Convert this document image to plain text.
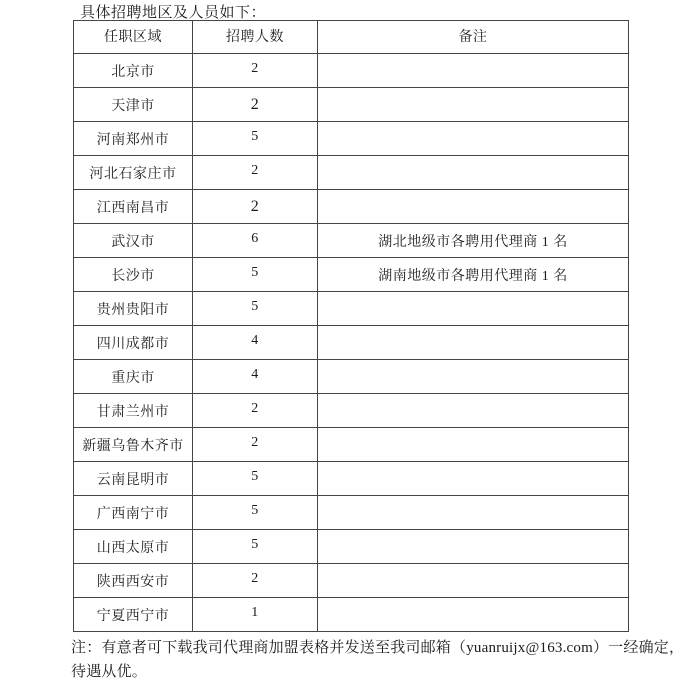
具体招聘地区及人员如下：
任职区域	招聘人数	备注
北京市	2	
天津市	2	
河南郑州市	5	
河北石家庄市	2	
江西南昌市	2	
武汉市	6	湖北地级市各聘用代理商 1 名
长沙市	5	湖南地级市各聘用代理商 1 名
贵州贵阳市	5	
四川成都市	4	
重庆市	4	
甘肃兰州市	2	
新疆乌鲁木齐市	2	
云南昆明市	5	
广西南宁市	5	
山西太原市	5	
陕西西安市	2	
宁夏西宁市	1	
注：有意者可下载我司代理商加盟表格并发送至我司邮箱（yuanruijx@163.com）一经确定，
待遇从优。
